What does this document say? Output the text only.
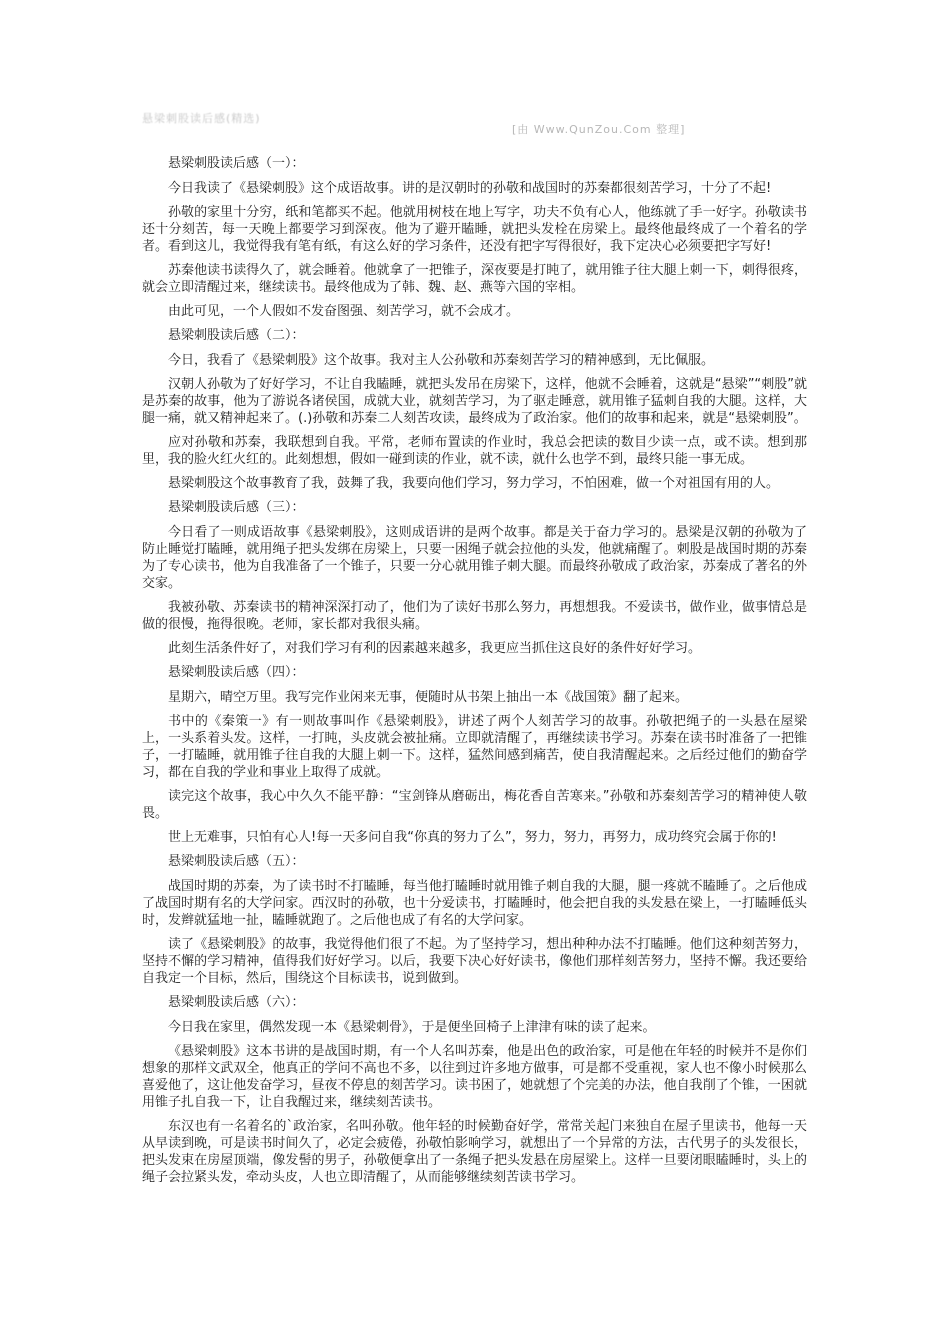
悬梁刺股读后感(精选)
[由 Www.QunZou.Com 整理]

悬梁刺股读后感（一）：

今日我读了《悬梁刺股》这个成语故事。讲的是汉朝时的孙敬和战国时的苏秦都很刻苦学习，十分了不起!

孙敬的家里十分穷，纸和笔都买不起。他就用树枝在地上写字，功夫不负有心人，他练就了手一好字。孙敬读书还十分刻苦，每一天晚上都要学习到深夜。他为了避开瞌睡，就把头发栓在房梁上。最终他最终成了一个着名的学者。看到这儿，我觉得我有笔有纸，有这么好的学习条件，还没有把字写得很好，我下定决心必须要把字写好!

苏秦他读书读得久了，就会睡着。他就拿了一把锥子，深夜要是打盹了，就用锥子往大腿上刺一下，刺得很疼，就会立即清醒过来，继续读书。最终他成为了韩、魏、赵、燕等六国的宰相。

由此可见，一个人假如不发奋图强、刻苦学习，就不会成才。

悬梁刺股读后感（二）：

今日，我看了《悬梁刺股》这个故事。我对主人公孙敬和苏秦刻苦学习的精神感到，无比佩服。

汉朝人孙敬为了好好学习，不让自我瞌睡，就把头发吊在房梁下，这样，他就不会睡着，这就是“悬梁”“刺股”就是苏秦的故事，他为了游说各诸侯国，成就大业，就刻苦学习，为了驱走睡意，就用锥子猛刺自我的大腿。这样，大腿一痛，就又精神起来了。(.)孙敬和苏秦二人刻苦攻读，最终成为了政治家。他们的故事和起来，就是“悬梁刺股”。

应对孙敬和苏秦，我联想到自我。平常，老师布置读的作业时，我总会把读的数目少读一点，或不读。想到那里，我的脸火红火红的。此刻想想，假如一碰到读的作业，就不读，就什么也学不到，最终只能一事无成。

悬梁刺股这个故事教育了我，鼓舞了我，我要向他们学习，努力学习，不怕困难，做一个对祖国有用的人。

悬梁刺股读后感（三）：

今日看了一则成语故事《悬梁刺股》，这则成语讲的是两个故事。都是关于奋力学习的。悬梁是汉朝的孙敬为了防止睡觉打瞌睡，就用绳子把头发绑在房梁上，只要一困绳子就会拉他的头发，他就痛醒了。刺股是战国时期的苏秦为了专心读书，他为自我准备了一个锥子，只要一分心就用锥子刺大腿。而最终孙敬成了政治家，苏秦成了著名的外交家。

我被孙敬、苏秦读书的精神深深打动了，他们为了读好书那么努力，再想想我。不爱读书，做作业，做事情总是做的很慢，拖得很晚。老师，家长都对我很头痛。

此刻生活条件好了，对我们学习有利的因素越来越多，我更应当抓住这良好的条件好好学习。

悬梁刺股读后感（四）：

星期六，晴空万里。我写完作业闲来无事，便随时从书架上抽出一本《战国策》翻了起来。

书中的《秦策一》有一则故事叫作《悬梁刺股》，讲述了两个人刻苦学习的故事。孙敬把绳子的一头悬在屋梁上，一头系着头发。这样，一打盹，头皮就会被扯痛。立即就清醒了，再继续读书学习。苏秦在读书时准备了一把锥子，一打瞌睡，就用锥子往自我的大腿上刺一下。这样，猛然间感到痛苦，使自我清醒起来。之后经过他们的勤奋学习，都在自我的学业和事业上取得了成就。

读完这个故事，我心中久久不能平静：“宝剑锋从磨砺出，梅花香自苦寒来。”孙敬和苏秦刻苦学习的精神使人敬畏。

世上无难事，只怕有心人!每一天多问自我“你真的努力了么”，努力，努力，再努力，成功终究会属于你的!

悬梁刺股读后感（五）：

战国时期的苏秦，为了读书时不打瞌睡，每当他打瞌睡时就用锥子刺自我的大腿，腿一疼就不瞌睡了。之后他成了战国时期有名的大学问家。西汉时的孙敬，也十分爱读书，打瞌睡时，他会把自我的头发悬在梁上，一打瞌睡低头时，发辫就猛地一扯，瞌睡就跑了。之后他也成了有名的大学问家。

读了《悬梁刺股》的故事，我觉得他们很了不起。为了坚持学习，想出种种办法不打瞌睡。他们这种刻苦努力，坚持不懈的学习精神，值得我们好好学习。以后，我要下决心好好读书，像他们那样刻苦努力，坚持不懈。我还要给自我定一个目标，然后，围绕这个目标读书，说到做到。

悬梁刺股读后感（六）：

今日我在家里，偶然发现一本《悬梁刺骨》，于是便坐回椅子上津津有味的读了起来。

《悬梁刺股》这本书讲的是战国时期，有一个人名叫苏秦，他是出色的政治家，可是他在年轻的时候并不是你们想象的那样文武双全，他真正的学问不高也不多，以往到过许多地方做事，可是都不受重视，家人也不像小时候那么喜爱他了，这让他发奋学习，昼夜不停息的刻苦学习。读书困了，她就想了个完美的办法，他自我削了个锥，一困就用锥子扎自我一下，让自我醒过来，继续刻苦读书。

东汉也有一名着名的`政治家，名叫孙敬。他年轻的时候勤奋好学，常常关起门来独自在屋子里读书，他每一天从早读到晚，可是读书时间久了，必定会疲倦，孙敬怕影响学习，就想出了一个异常的方法，古代男子的头发很长，把头发束在房屋顶端，像发髻的男子，孙敬便拿出了一条绳子把头发悬在房屋梁上。这样一旦要闭眼瞌睡时，头上的绳子会拉紧头发，牵动头皮，人也立即清醒了，从而能够继续刻苦读书学习。
